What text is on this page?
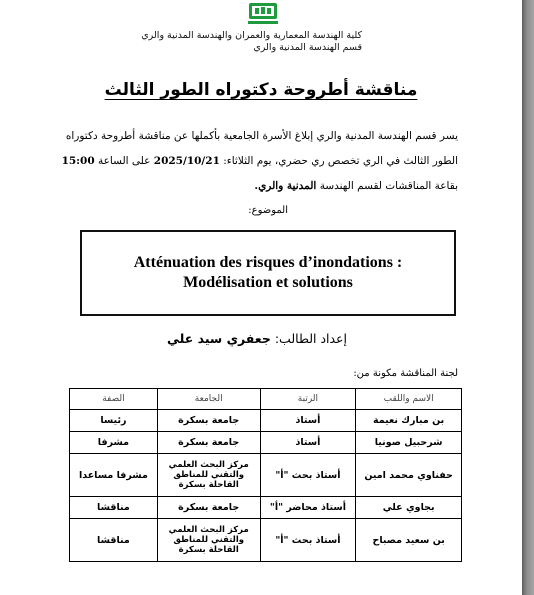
كلية الهندسة المعمارية والعمران والهندسة المدنية والري
قسم الهندسة المدنية والري
مناقشة أطروحة دكتوراه الطور الثالث
يسر قسم الهندسة المدنية والري إبلاغ الأسرة الجامعية بأكملها عن مناقشة أطروحة دكتوراه الطور الثالث في الري تخصص ري حضري، يوم الثلاثاء: 2025/10/21 على الساعة 15:00 بقاعة المناقشات لقسم الهندسة المدنية والري.
الموضوع:
Atténuation des risques d’inondations : Modélisation et solutions
إعداد الطالب: جعفري سيد علي
لجنة المناقشة مكونة من:
الاسم واللقب	الرتبة	الجامعة	الصفة
بن مبارك نعيمة	أستاذ	جامعة بسكرة	رئيسا
شرحبيل صونيا	أستاذ	جامعة بسكرة	مشرفا
حفناوي محمد امين	أستاذ بحث "أ"	مركز البحث العلمي والتقني للمناطق القاحلة بسكرة	مشرفا مساعدا
بجاوي علي	أستاذ محاضر "أ"	جامعة بسكرة	مناقشا
بن سعيد مصباح	أستاذ بحث "أ"	مركز البحث العلمي والتقني للمناطق القاحلة بسكرة	مناقشا
